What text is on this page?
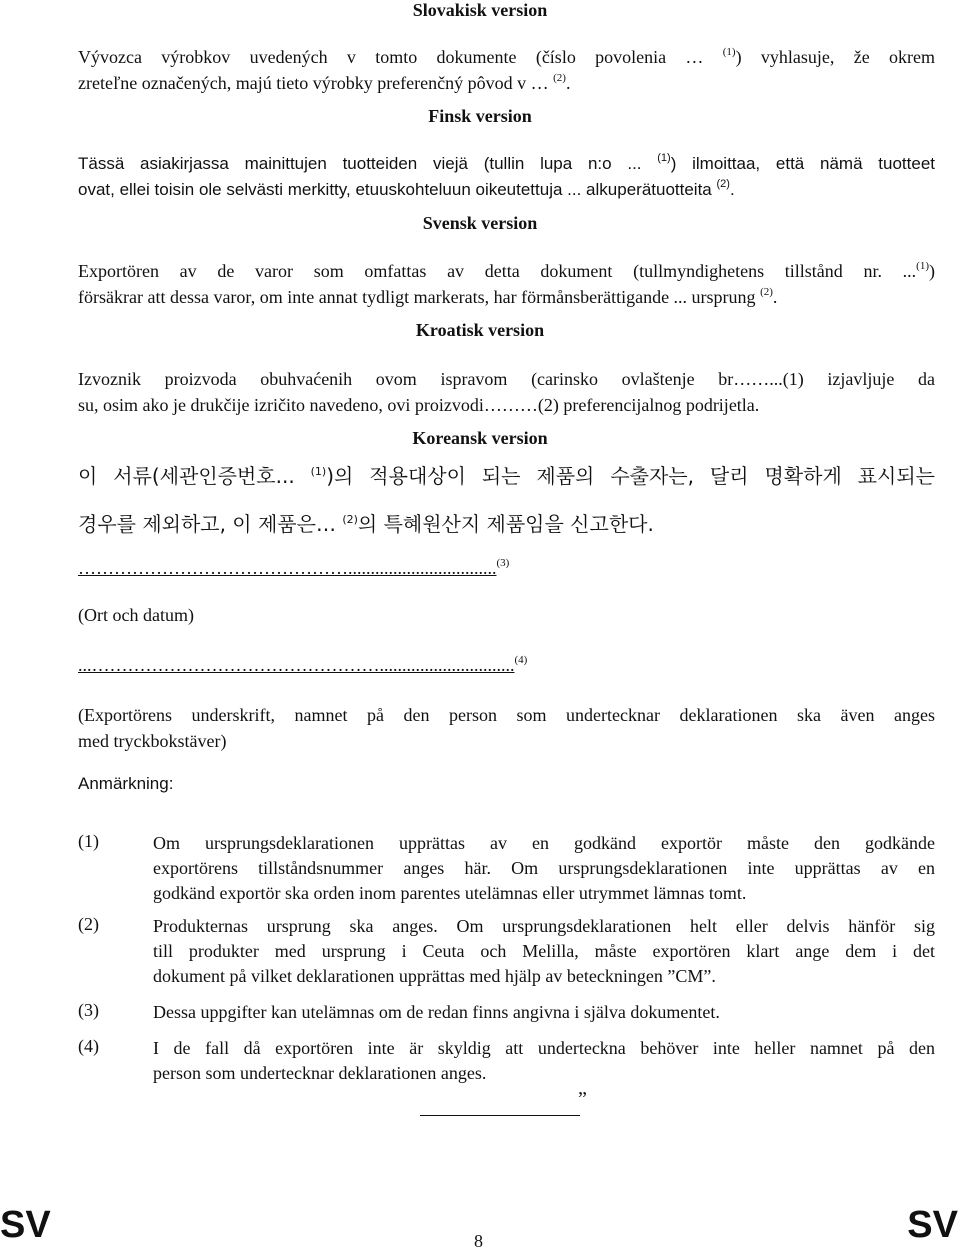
Slovakisk version
Vývozca výrobkov uvedených v tomto dokumente (číslo povolenia … $^{(1)}$) vyhlasuje, že okrem
zreteľne označených, majú tieto výrobky preferenčný pôvod v … $^{(2)}$.
Finsk version
Tässä asiakirjassa mainittujen tuotteiden viejä (tullin lupa n:o ... $^{(1)}$) ilmoittaa, että nämä tuotteet
ovat, ellei toisin ole selvästi merkitty, etuuskohteluun oikeutettuja ... alkuperätuotteita $^{(2)}$.
Svensk version
Exportören av de varor som omfattas av detta dokument (tullmyndighetens tillstånd nr. ...$^{(1)}$)
försäkrar att dessa varor, om inte annat tydligt markerats, har förmånsberättigande ... ursprung $^{(2)}$.
Kroatisk version
Izvoznik proizvoda obuhvaćenih ovom ispravom (carinsko ovlaštenje br……...(1) izjavljuje da
su, osim ako je drukčije izričito navedeno, ovi proizvodi………(2) preferencijalnog podrijetla.
Koreansk version
이 서류(세관인증번호... $^{(1)}$)의 적용대상이 되는 제품의 수출자는, 달리 명확하게 표시되는
경우를 제외하고, 이 제품은… $^{(2)}$의 특혜원산지 제품임을 신고한다.
……………………………………….................................$^{(3)}$
(Ort och datum)
...…………………………………………..............................$^{(4)}$
(Exportörens underskrift, namnet på den person som undertecknar deklarationen ska även anges
med tryckbokstäver)
Anmärkning:
(1)	Om ursprungsdeklarationen upprättas av en godkänd exportör måste den godkände
exportörens tillståndsnummer anges här. Om ursprungsdeklarationen inte upprättas av en
godkänd exportör ska orden inom parentes utelämnas eller utrymmet lämnas tomt.
(2)	Produkternas ursprung ska anges. Om ursprungsdeklarationen helt eller delvis hänför sig
till produkter med ursprung i Ceuta och Melilla, måste exportören klart ange dem i det
dokument på vilket deklarationen upprättas med hjälp av beteckningen ”CM”.
(3)	Dessa uppgifter kan utelämnas om de redan finns angivna i själva dokumentet.
(4)	I de fall då exportören inte är skyldig att underteckna behöver inte heller namnet på den
person som undertecknar deklarationen anges.
”
SV	8	SV
